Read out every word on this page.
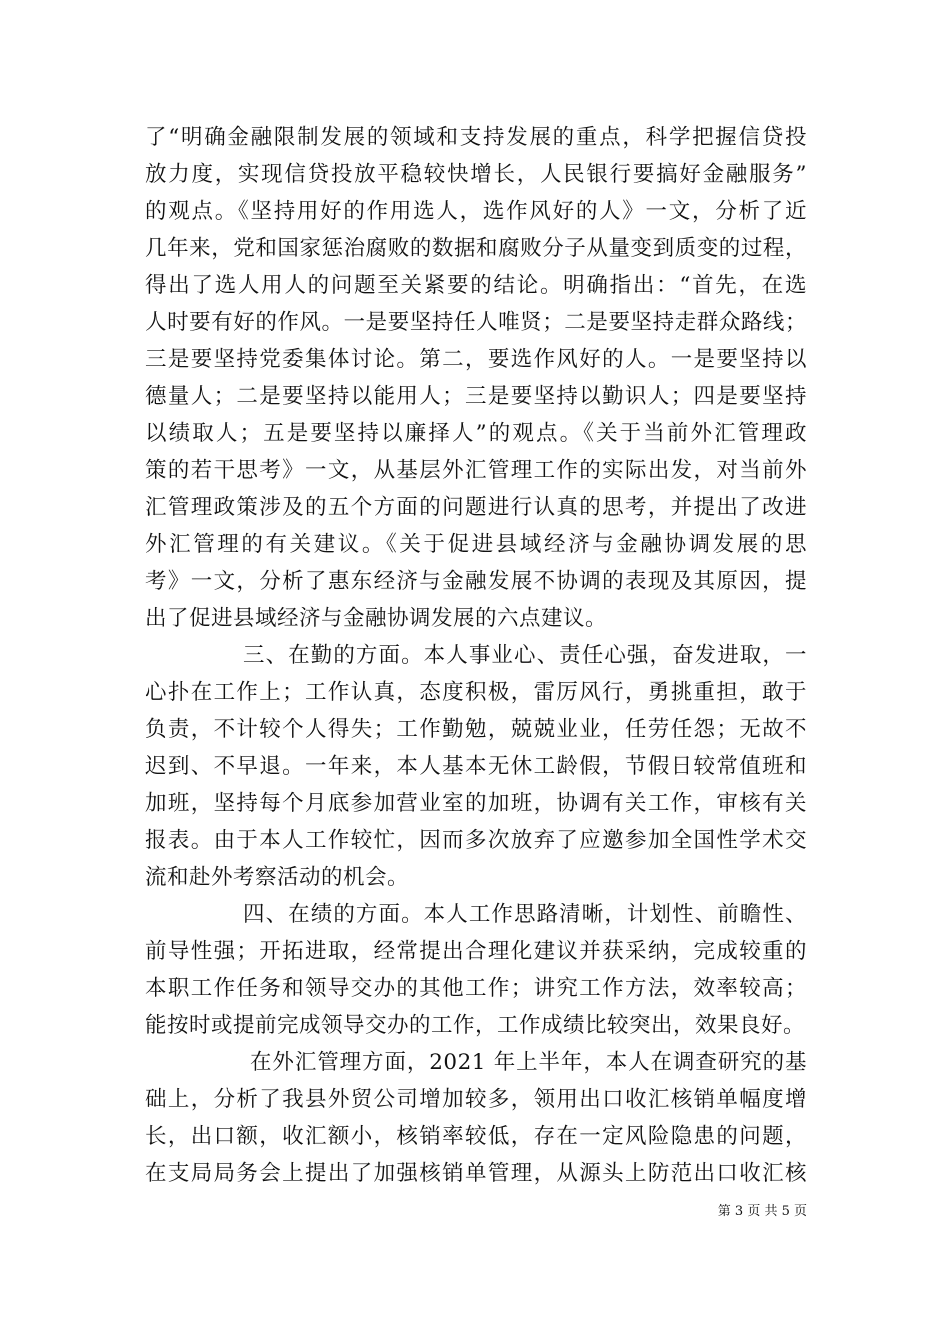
了“明确金融限制发展的领域和支持发展的重点，科学把握信贷投
放力度，实现信贷投放平稳较快增长，人民银行要搞好金融服务”
的观点。《坚持用好的作用选人，选作风好的人》一文，分析了近
几年来，党和国家惩治腐败的数据和腐败分子从量变到质变的过程，
得出了选人用人的问题至关紧要的结论。明确指出：“首先，在选
人时要有好的作风。一是要坚持任人唯贤；二是要坚持走群众路线；
三是要坚持党委集体讨论。第二，要选作风好的人。一是要坚持以
德量人；二是要坚持以能用人；三是要坚持以勤识人；四是要坚持
以绩取人；五是要坚持以廉择人”的观点。《关于当前外汇管理政
策的若干思考》一文，从基层外汇管理工作的实际出发，对当前外
汇管理政策涉及的五个方面的问题进行认真的思考，并提出了改进
外汇管理的有关建议。《关于促进县域经济与金融协调发展的思
考》一文，分析了惠东经济与金融发展不协调的表现及其原因，提
出了促进县域经济与金融协调发展的六点建议。
三、在勤的方面。本人事业心、责任心强，奋发进取，一
心扑在工作上；工作认真，态度积极，雷厉风行，勇挑重担，敢于
负责，不计较个人得失；工作勤勉，兢兢业业，任劳任怨；无故不
迟到、不早退。一年来，本人基本无休工龄假，节假日较常值班和
加班，坚持每个月底参加营业室的加班，协调有关工作，审核有关
报表。由于本人工作较忙，因而多次放弃了应邀参加全国性学术交
流和赴外考察活动的机会。
四、在绩的方面。本人工作思路清晰，计划性、前瞻性、
前导性强；开拓进取，经常提出合理化建议并获采纳，完成较重的
本职工作任务和领导交办的其他工作；讲究工作方法，效率较高；
能按时或提前完成领导交办的工作，工作成绩比较突出，效果良好。
在外汇管理方面，2021 年上半年，本人在调查研究的基
础上，分析了我县外贸公司增加较多，领用出口收汇核销单幅度增
长，出口额，收汇额小，核销率较低，存在一定风险隐患的问题，
在支局局务会上提出了加强核销单管理，从源头上防范出口收汇核
第 3 页 共 5 页
